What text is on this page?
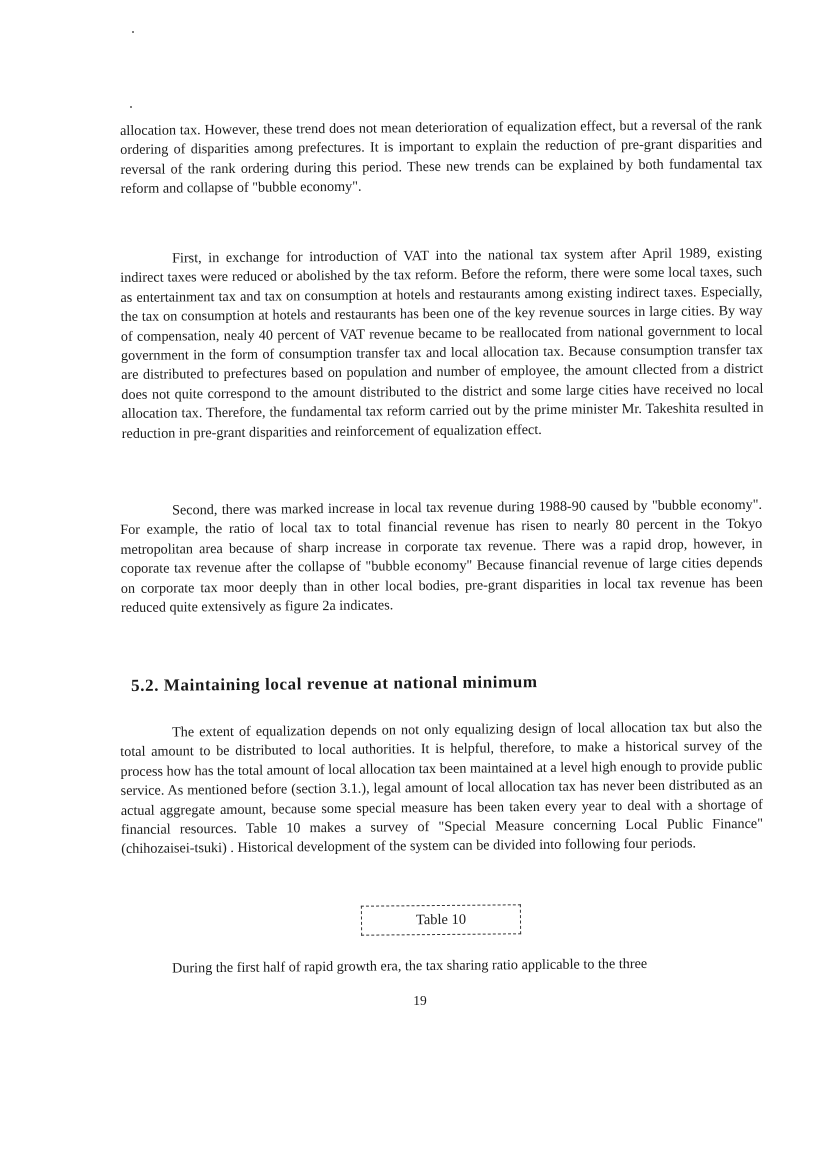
allocation tax. However, these trend does not mean deterioration of equalization effect, but a reversal of the rank ordering of disparities among prefectures. It is important to explain the reduction of pre-grant disparities and reversal of the rank ordering during this period. These new trends can be explained by both fundamental tax reform and collapse of "bubble economy".

First, in exchange for introduction of VAT into the national tax system after April 1989, existing indirect taxes were reduced or abolished by the tax reform. Before the reform, there were some local taxes, such as entertainment tax and tax on consumption at hotels and restaurants among existing indirect taxes. Especially, the tax on consumption at hotels and restaurants has been one of the key revenue sources in large cities. By way of compensation, nealy 40 percent of VAT revenue became to be reallocated from national government to local government in the form of consumption transfer tax and local allocation tax. Because consumption transfer tax are distributed to prefectures based on population and number of employee, the amount cllected from a district does not quite correspond to the amount distributed to the district and some large cities have received no local allocation tax. Therefore, the fundamental tax reform carried out by the prime minister Mr. Takeshita resulted in reduction in pre-grant disparities and reinforcement of equalization effect.

Second, there was marked increase in local tax revenue during 1988-90 caused by "bubble economy". For example, the ratio of local tax to total financial revenue has risen to nearly 80 percent in the Tokyo metropolitan area because of sharp increase in corporate tax revenue. There was a rapid drop, however, in coporate tax revenue after the collapse of "bubble economy" Because financial revenue of large cities depends on corporate tax moor deeply than in other local bodies, pre-grant disparities in local tax revenue has been reduced quite extensively as figure 2a indicates.

5.2. Maintaining local revenue at national minimum

The extent of equalization depends on not only equalizing design of local allocation tax but also the total amount to be distributed to local authorities. It is helpful, therefore, to make a historical survey of the process how has the total amount of local allocation tax been maintained at a level high enough to provide public service. As mentioned before (section 3.1.), legal amount of local allocation tax has never been distributed as an actual aggregate amount, because some special measure has been taken every year to deal with a shortage of financial resources. Table 10 makes a survey of "Special Measure concerning Local Public Finance"(chihozaisei-tsuki) . Historical development of the system can be divided into following four periods.

Table 10

During the first half of rapid growth era, the tax sharing ratio applicable to the three

19
